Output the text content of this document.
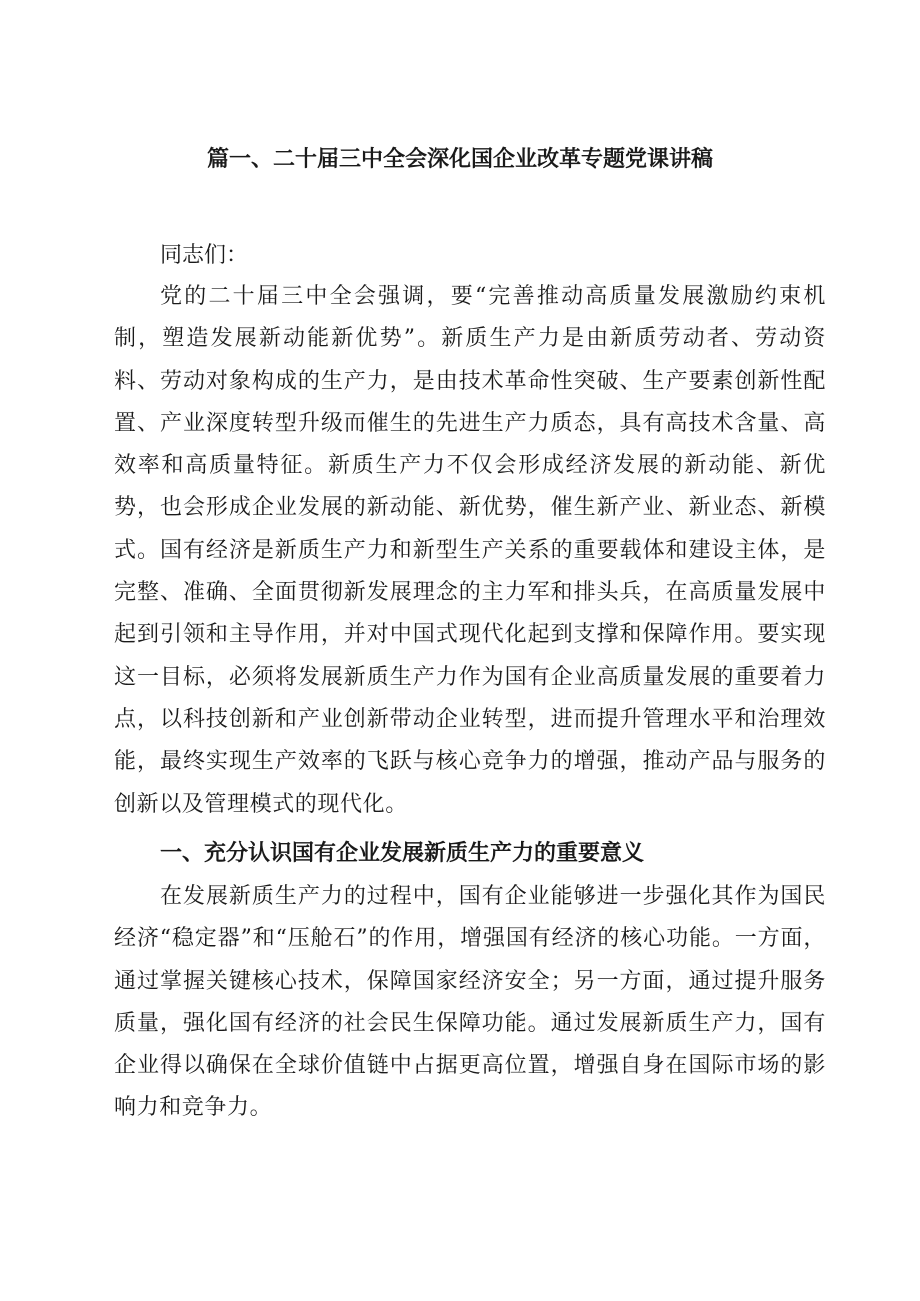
篇一、二十届三中全会深化国企业改革专题党课讲稿
同志们：
党的二十届三中全会强调，要“完善推动高质量发展激励约束机制，塑造发展新动能新优势”。新质生产力是由新质劳动者、劳动资料、劳动对象构成的生产力，是由技术革命性突破、生产要素创新性配置、产业深度转型升级而催生的先进生产力质态，具有高技术含量、高效率和高质量特征。新质生产力不仅会形成经济发展的新动能、新优势，也会形成企业发展的新动能、新优势，催生新产业、新业态、新模式。国有经济是新质生产力和新型生产关系的重要载体和建设主体，是完整、准确、全面贯彻新发展理念的主力军和排头兵，在高质量发展中起到引领和主导作用，并对中国式现代化起到支撑和保障作用。要实现这一目标，必须将发展新质生产力作为国有企业高质量发展的重要着力点，以科技创新和产业创新带动企业转型，进而提升管理水平和治理效能，最终实现生产效率的飞跃与核心竞争力的增强，推动产品与服务的创新以及管理模式的现代化。
一、充分认识国有企业发展新质生产力的重要意义
在发展新质生产力的过程中，国有企业能够进一步强化其作为国民经济“稳定器”和“压舱石”的作用，增强国有经济的核心功能。一方面，通过掌握关键核心技术，保障国家经济安全；另一方面，通过提升服务质量，强化国有经济的社会民生保障功能。通过发展新质生产力，国有企业得以确保在全球价值链中占据更高位置，增强自身在国际市场的影响力和竞争力。
